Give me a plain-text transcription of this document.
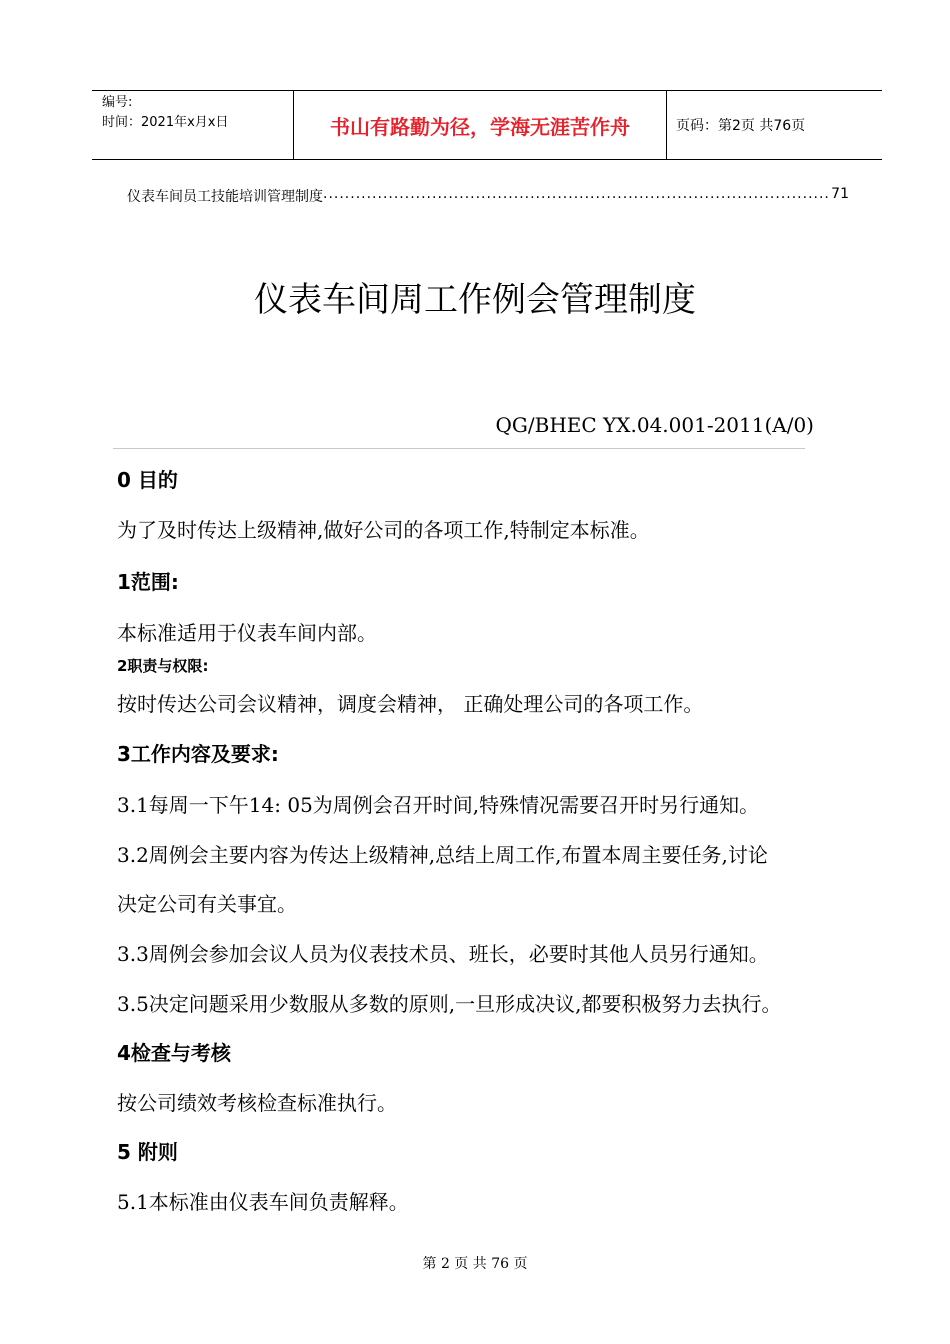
编号:
时间：2021年x月x日	书山有路勤为径，学海无涯苦作舟	页码：第2页 共76页
仪表车间员工技能培训管理制度
.....	71
仪表车间周工作例会管理制度
QG/BHEC YX.04.001-2011(A/0)
0 目的
为了及时传达上级精神,做好公司的各项工作,特制定本标准。
1范围:
本标准适用于仪表车间内部。
2职责与权限:
按时传达公司会议精神，调度会精神， 正确处理公司的各项工作。
3工作内容及要求:
3.1每周一下午14: 05为周例会召开时间,特殊情况需要召开时另行通知。
3.2周例会主要内容为传达上级精神,总结上周工作,布置本周主要任务,讨论
决定公司有关事宜。
3.3周例会参加会议人员为仪表技术员、班长，必要时其他人员另行通知。
3.5决定问题采用少数服从多数的原则,一旦形成决议,都要积极努力去执行。
4检查与考核
按公司绩效考核检查标准执行。
5 附则
5.1本标准由仪表车间负责解释。
第 2 页 共 76 页
